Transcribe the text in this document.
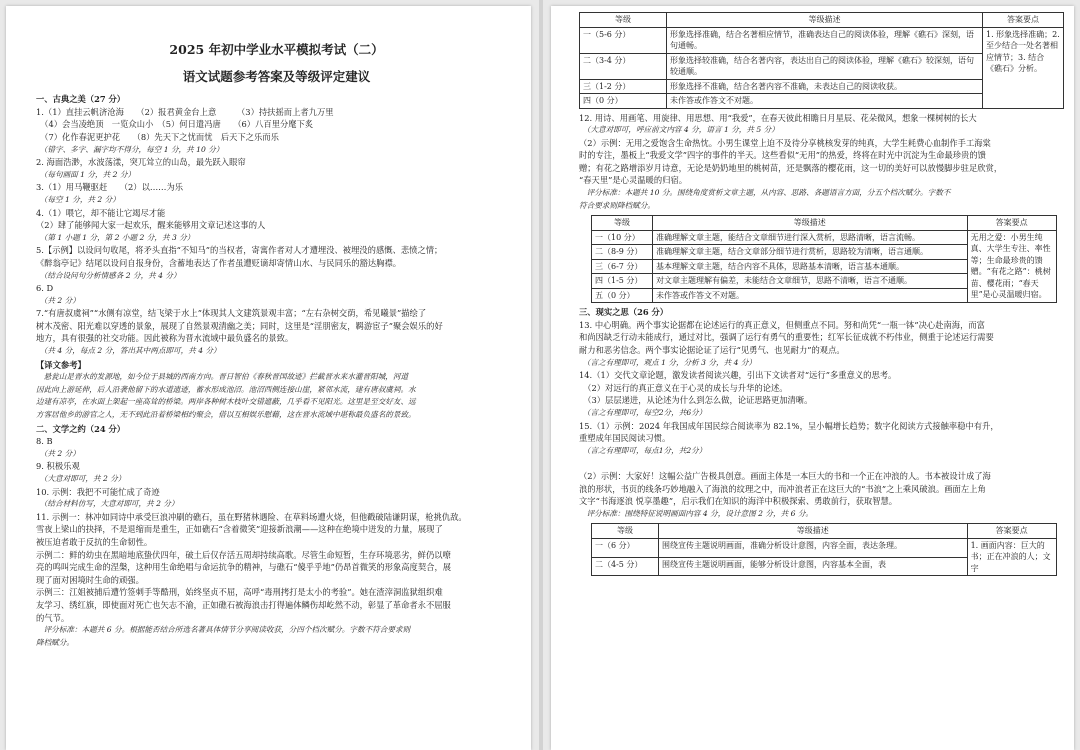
2025 年初中学业水平模拟考试（二）
语文试题参考答案及等级评定建议
一、古典之美（27 分）
1.（1）直挂云帆济沧海　　（2）报君黄金台上意　　　（3）持扶摇而上者九万里
　（4）会当凌绝顶　一览众山小　（5）何日遣冯唐　　（6）八百里分麾下炙
　（7）化作春泥更护花　　（8）先天下之忧而忧　后天下之乐而乐
　（错字、多字、漏字均不得分，每空 1 分，共 10 分）
2. 海面浩渺，水波荡漾，突兀耸立的山岛，最先跃入眼帘
　（每句画面 1 分，共 2 分）
3.（1）用马鞭驱赶　　（2）以……为乐
　（每空 1 分，共 2 分）
4.（1）喂它，却不能让它竭尽才能
（2）肆了能够闻大家一起欢乐，醒来能够用文章记述这事的人
　（第 1 小题 1 分，第 2 小题 2 分，共 3 分）
5.【示例】以设问句收尾，将矛头直指“不知马”的当权者，寄寓作者对人才遭埋没、被埋没的感慨、悲愤之情；
《醉翁亭记》结尾以设问自报身份，含蓄地表达了作者虽遭贬谪却寄情山水、与民同乐的豁达胸襟。
　（结合设问句分析情感各 2 分，共 4 分）
6. D
　（共 2 分）
7.“有唐叔虞祠”“水侧有凉堂，结飞梁于水上”体现其人文建筑景观丰富；“左右杂树交荫，希见曦景”描绘了
树木茂密、阳光难以穿透的景象，展现了自然景观清幽之美；同时，这里是“淫朋密友，羁游宦子”聚会娱乐的好
地方，具有很强的社交功能。因此被称为晋水流域中最负盛名的景致。
　（共 4 分，每点 2 分，答出其中两点即可，共 4 分）
【译文参考】
　悬瓮山是晋水的发源地，如今位于县城的西南方向。晋日智伯《春秋晋国故迹》拦截晋水来水灌晋阳城，河道
因此向上游延伸，后人沿袭他留下的水道遗迹，蓄水形成池沼。池沼西侧连接山崖，紧邻水流，建有唐叔虞祠。水
边建有凉亭，在水面上架起一座高耸的桥梁。两岸各种树木枝叶交错遮蔽，几乎看不见阳光。这里是至交好友、远
方客居他乡的游官之人，无不到此沿着桥梁相约聚会，借以互相娱乐慰藉，这在晋水流域中堪称最负盛名的景致。
二、文学之约（24 分）
8. B
　（共 2 分）
9. 积极乐观
　（大意对即可，共 2 分）
10. 示例：我把不可能忙成了奇迹
　（结合材料仿写，大意对即可，共 2 分）
11. 示例一：林冲如同诗中承受巨浪冲刷的礁石，虽在野猪林遇险、在草料场遭火烧，但他戳破陆谦阴谋，枪挑仇敌。
雪夜上梁山的抉择，不是退缩而是重生，正如礁石“含着微笑”迎接新浪潮——这种在绝境中迸发的力量，展现了
被压迫者敢于反抗的生命韧性。
示例二：鲜的幼虫在黑暗地底蛰伏四年，破土后仅存活五周却持续高歌。尽管生命短暂，生存环境恶劣，鲜仍以嘹
亮的鸣叫完成生命的涅槃，这种用生命绝唱与命运抗争的精神，与礁石“傻乎乎地”仍昂首微笑的形象高度契合，展
现了面对困境时生命的顽强。
示例三：江姐被捕后遭竹签刺手等酷刑，始终坚贞不屈，高呼“毒刑拷打是太小的考验”。她在渣滓洞监狱组织难
友学习、绣红旗，即使面对死亡也矢志不渝，正如礁石被海浪击打得遍体鳞伤却屹然不动，彰显了革命者永不屈服
的气节。
　评分标准：本题共 6 分。根据能否结合所选名著具体情节分享阅读收获，分四个档次赋分。字数不符合要求则
降档赋分。
等级	等级描述	答案要点
一（5-6 分）	形象选择准确，结合名著相应情节，准确表达自己的阅读体验，理解《礁石》深刻，语句通畅。	1. 形象选择准确；2. 至少结合一处名著相应情节；3. 结合《礁石》分析。
二（3-4 分）	形象选择较准确，结合名著内容，表达出自己的阅读体验，理解《礁石》较深刻，语句较通顺。	
三（1-2 分）	形象选择不准确，结合名著内容不准确，未表达自己的阅读收获。	
四（0 分）	未作答或作答文不对题。	
12. 用诗、用画笔、用旋律、用思想、用“我爱”，在春天彼此相瞻日月星辰、花朵微风，想象一棵树树的长大
　（大意对即可，呼应前文内容 4 分，语言 1 分，共 5 分）
（2）示例：无用之爱饱含生命热忱。小男生课堂上迫不及待分享桃核发芽的纯真，大学生耗费心血制作手工海棠
时的专注，墨板上“我爱文学”四字的事件的半天。这些看似“无用”的热爱，终将在时光中沉淀为生命最珍贵的馈
赠；有花之路增添岁月诗意，无论是奶奶地里的桃树苗，还是飘落的樱花雨，这一切的美好可以放慢脚步驻足欣赏，
“春天里”是心灵温暖的归宿。
　评分标准：本题共 10 分。围绕角度赏析文章主题，从内容、思路、各题语言方面，分五个档次赋分。字数不
符合要求则降档赋分。
等级	等级描述	答案要点
一（10 分）	准确理解文章主题，能结合文章细节进行深入赏析，思路清晰，语言流畅。	无用之爱：小男生纯真、大学生专注、率性等；生命最珍贵的馈赠。“有花之路”：桃树苗、樱花雨；“春天里”是心灵温暖归宿。
二（8-9 分）	准确理解文章主题，结合文章部分细节进行赏析，思路较为清晰，语言通顺。	
三（6-7 分）	基本理解文章主题，结合内容不具体，思路基本清晰，语言基本通顺。	
四（1-5 分）	对文章主题理解有偏差，未能结合文章细节，思路不清晰，语言不通顺。	
五（0 分）	未作答或作答文不对题。	
三、现实之思（26 分）
13. 中心明确。两个事实论据都在论述运行的真正意义，但侧重点不同。努和尚凭“一瓶一钵”决心赴南海，而富
和尚因缺乏行动未能成行，通过对比，强调了运行有勇气的重要性；红军长征成就不朽伟业，侧重于论述运行需要
耐力和恶劣信念。两个事实论据论证了运行“见勇气、也见耐力”的观点。
　（言之有理即可，观点 1 分，分析 3 分，共 4 分）
14.（1）交代文章论题，激发读者阅读兴趣，引出下文读者对“远行”多重意义的思考。
　（2）对远行的真正意义在于心灵的成长与升华的论述。
　（3）层层递进，从论述为什么到怎么做，论证思路更加清晰。
　（言之有理即可，每空2分，共6分）
15.（1）示例：2024 年我国成年国民综合阅读率为 82.1%，呈小幅增长趋势；数字化阅读方式接触率稳中有升，
重塑成年国民阅读习惯。
　（言之有理即可，每点1分，共2分）

（2）示例：大家好！这幅公益广告极具创意。画面主体是一本巨大的书和一个正在冲浪的人。书本被设计成了海
浪的形状，书页的线条巧妙地融入了海浪的纹理之中，而冲浪者正在这巨大的“书浪”之上乘风破浪。画面左上角
文字“书海逐浪 悦享墨趣”，启示我们在知识的海洋中积极探索、勇敢前行，获取智慧。
　评分标准：围绕特征说明画面内容 4 分，设计意图 2 分，共 6 分。
等级	等级描述	答案要点
一（6 分）	围绕宣传主题说明画面，准确分析设计意图，内容全面，表达条理。	1. 画面内容：巨大的书；正在冲浪的人；文字
二（4-5 分）	围绕宣传主题说明画面，能够分析设计意图，内容基本全面，表	
